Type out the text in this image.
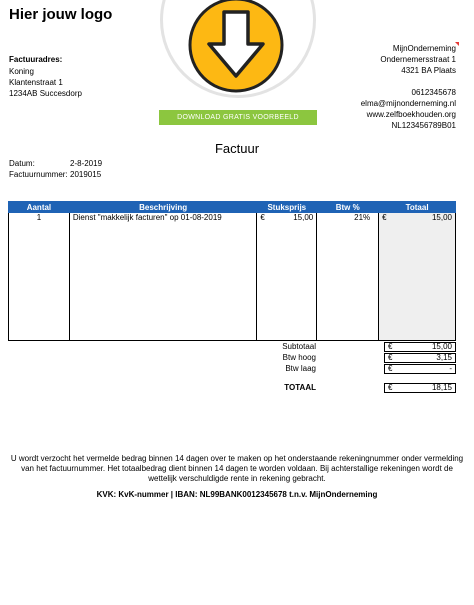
Hier jouw logo
DOWNLOAD GRATIS VOORBEELD
Factuuradres:
Koning
Klantenstraat 1
1234AB Succesdorp
MijnOnderneming
Ondernemersstraat 1
4321 BA Plaats
0612345678
elma@mijnonderneming.nl
www.zelfboekhouden.org
NL123456789B01
Factuur
Datum:	2-8-2019
Factuurnummer: 2019015
Aantal	Beschrijving	Stuksprijs	Btw %	Totaal
1	Dienst "makkelijk facturen" op 01-08-2019	€ 15,00	21%	€ 15,00
Subtotaal	€	15,00
Btw hoog	€	3,15
Btw laag	€	-
TOTAAL	€	18,15
U wordt verzocht het vermelde bedrag binnen 14 dagen over te maken op het onderstaande rekeningnummer onder vermelding van het factuurnummer. Het totaalbedrag dient binnen 14 dagen te worden voldaan. Bij achterstallige rekeningen wordt de wettelijk verschuldigde rente in rekening gebracht.
KVK: KvK-nummer | IBAN: NL99BANK0012345678 t.n.v. MijnOnderneming
